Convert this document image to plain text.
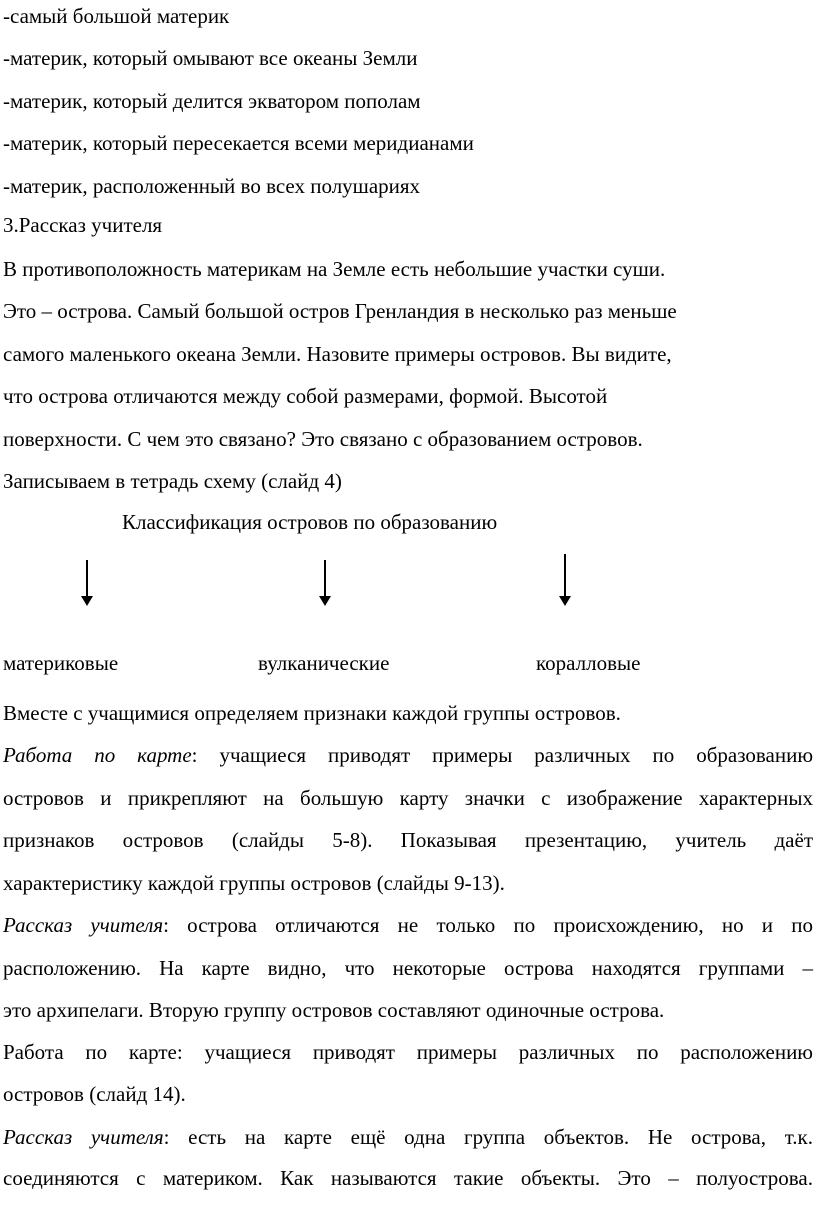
-самый большой материк
-материк, который омывают все океаны Земли
-материк, который делится экватором пополам
-материк, который пересекается всеми меридианами
-материк, расположенный во всех полушариях
3.Рассказ учителя
В противоположность материкам на Земле есть небольшие участки суши.
Это – острова. Самый большой остров Гренландия в несколько раз меньше
самого маленького океана Земли. Назовите примеры островов. Вы видите,
что острова отличаются между собой размерами, формой. Высотой
поверхности. С чем это связано? Это связано с образованием островов.
Записываем в тетрадь схему (слайд 4)
Классификация островов по образованию
материковые	вулканические	коралловые
Вместе с учащимися определяем признаки каждой группы островов.
Работа по карте: учащиеся приводят примеры различных по образованию
островов и прикрепляют на большую карту значки с изображение характерных
признаков островов (слайды 5-8). Показывая презентацию, учитель даёт
характеристику каждой группы островов (слайды 9-13).
Рассказ учителя: острова отличаются не только по происхождению, но и по
расположению. На карте видно, что некоторые острова находятся группами –
это архипелаги. Вторую группу островов составляют одиночные острова.
Работа по карте: учащиеся приводят примеры различных по расположению
островов (слайд 14).
Рассказ учителя: есть на карте ещё одна группа объектов. Не острова, т.к.
соединяются с материком. Как называются такие объекты. Это – полуострова.
